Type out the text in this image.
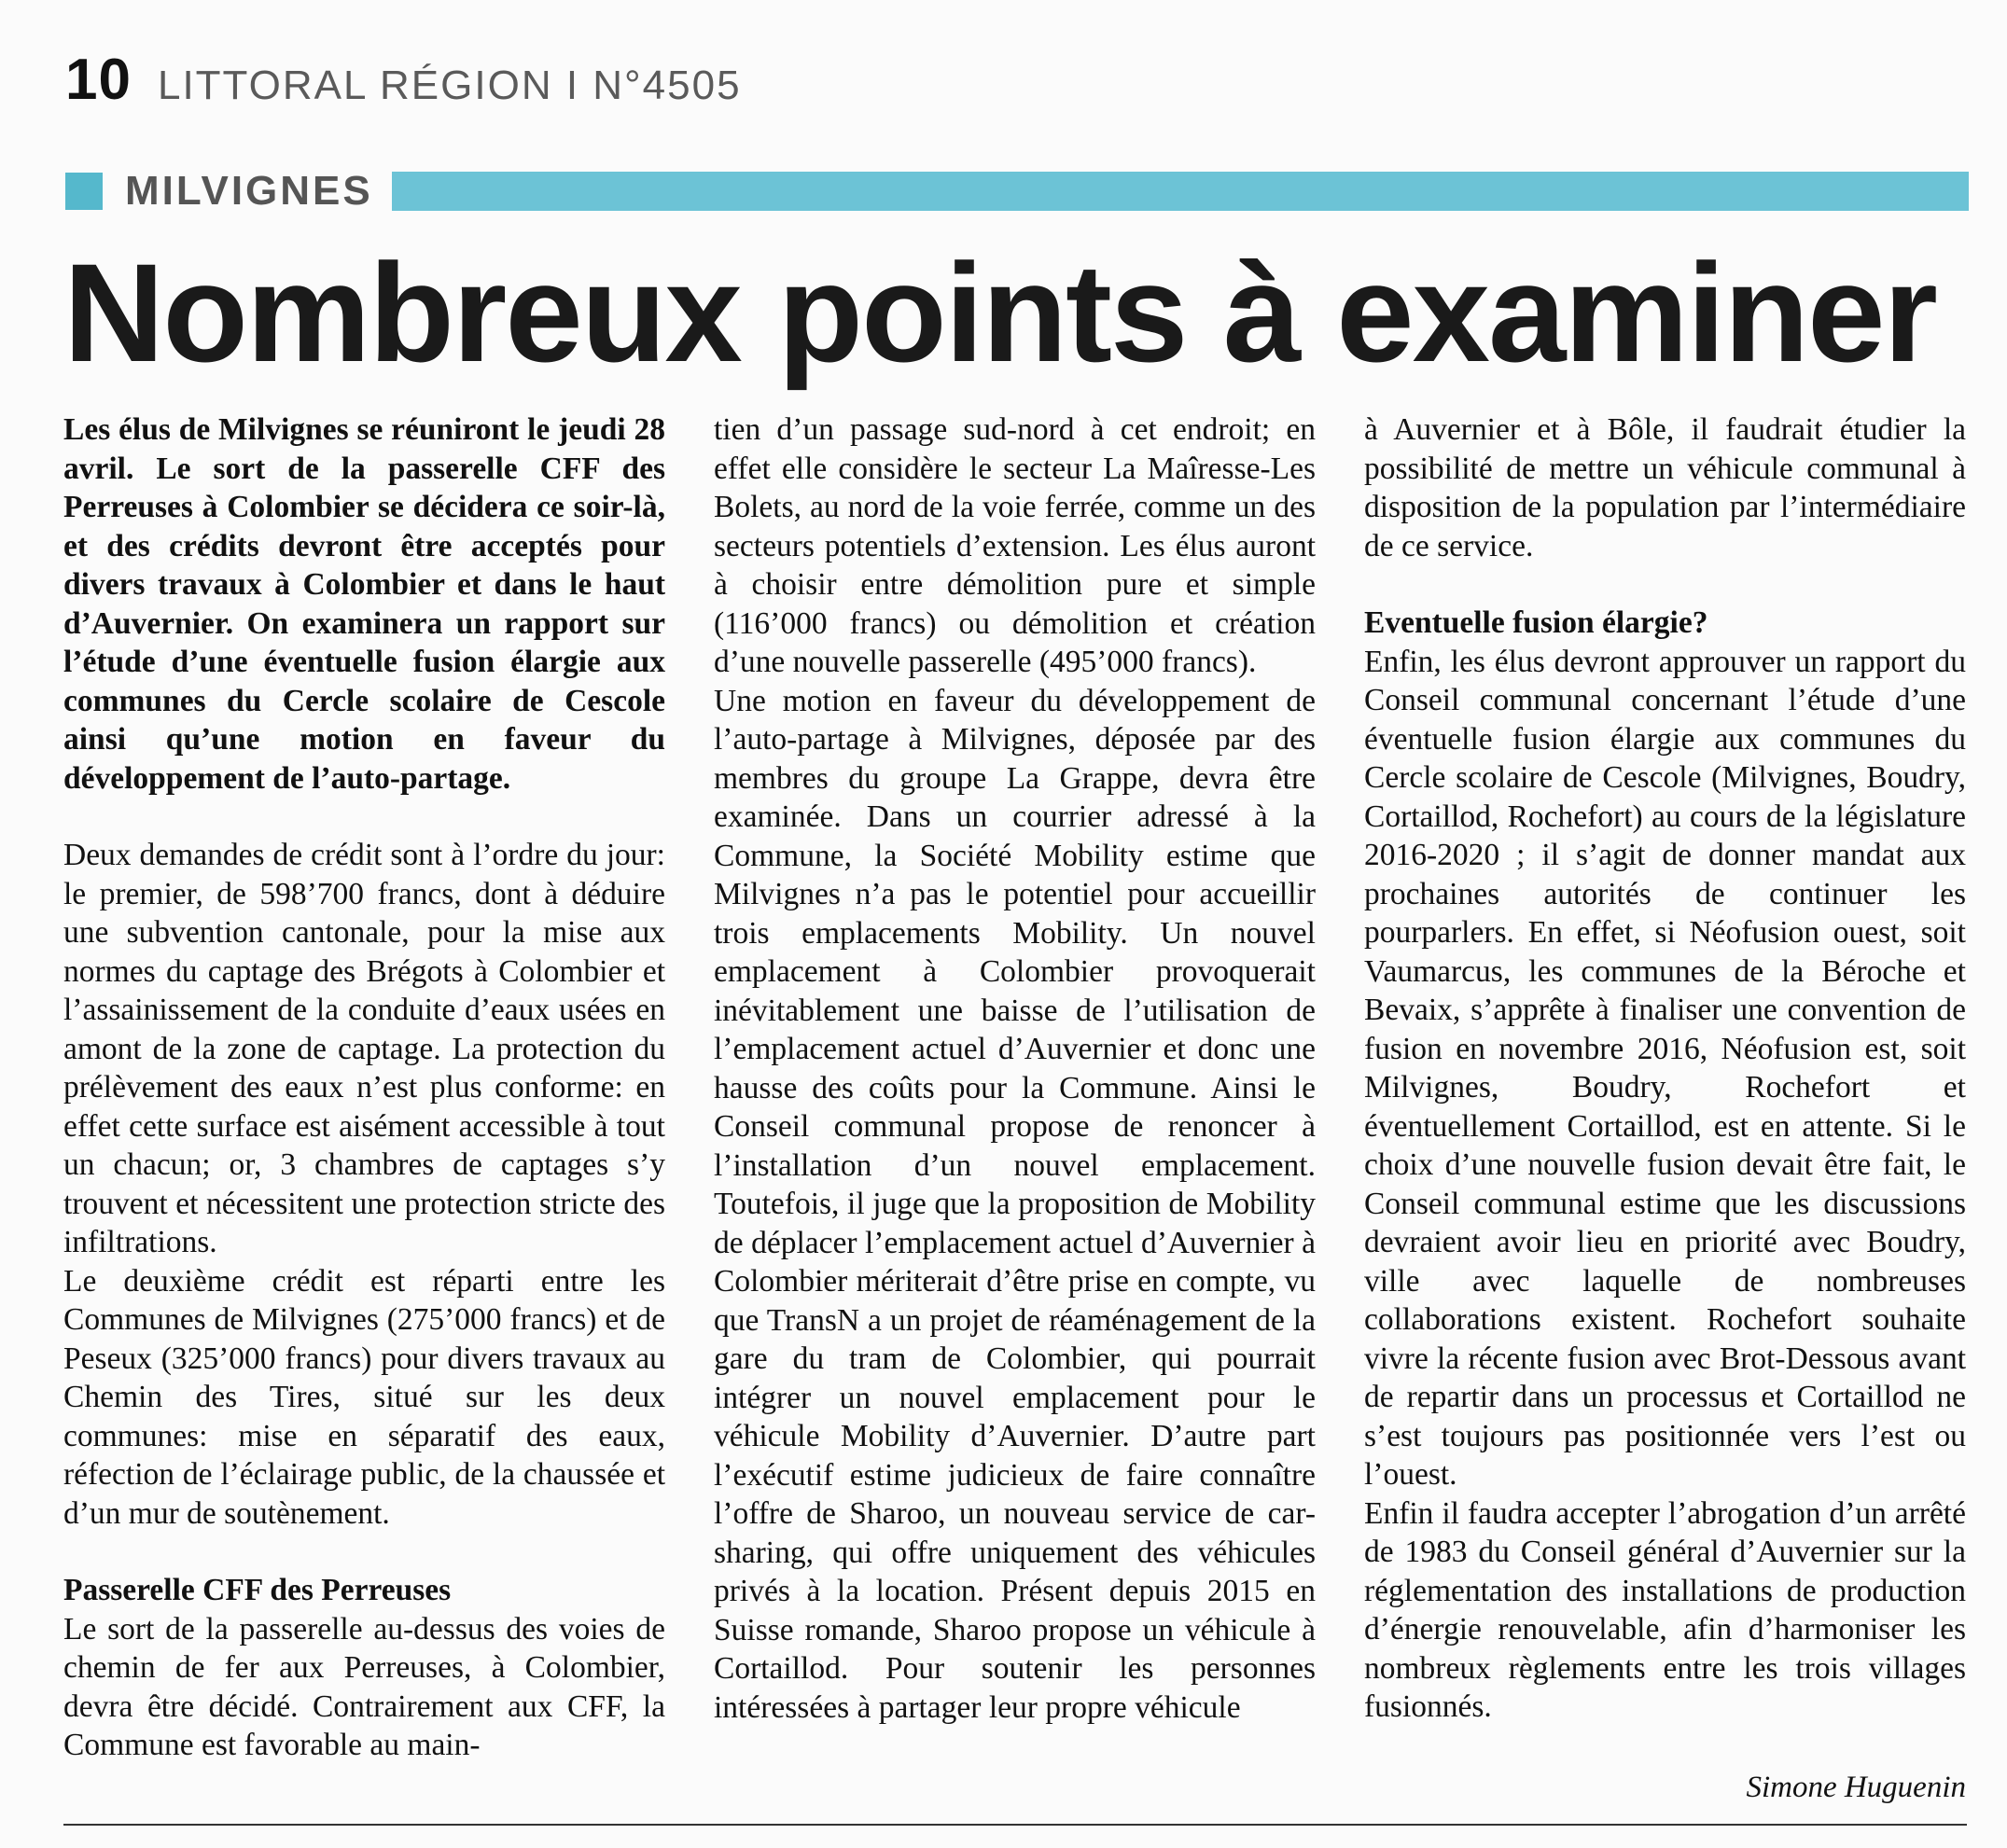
10 LITTORAL RÉGION I N°4505
MILVIGNES
Nombreux points à examiner

Les élus de Milvignes se réuniront le jeudi 28 avril. Le sort de la passerelle CFF des Perreuses à Colombier se décidera ce soir-là, et des crédits devront être acceptés pour divers travaux à Colombier et dans le haut d’Auvernier. On examinera un rapport sur l’étude d’une éventuelle fusion élargie aux communes du Cercle scolaire de Cescole ainsi qu’une motion en faveur du développement de l’auto-partage.

Deux demandes de crédit sont à l’ordre du jour: le premier, de 598’700 francs, dont à déduire une subvention cantonale, pour la mise aux normes du captage des Brégots à Colombier et l’assainissement de la conduite d’eaux usées en amont de la zone de captage. La protection du prélèvement des eaux n’est plus conforme: en effet cette surface est aisément accessible à tout un chacun; or, 3 chambres de captages s’y trouvent et nécessitent une protection stricte des infiltrations.

Le deuxième crédit est réparti entre les Communes de Milvignes (275’000 francs) et de Peseux (325’000 francs) pour divers travaux au Chemin des Tires, situé sur les deux communes: mise en séparatif des eaux, réfection de l’éclairage public, de la chaussée et d’un mur de soutènement.

Passerelle CFF des Perreuses

Le sort de la passerelle au-dessus des voies de chemin de fer aux Perreuses, à Colombier, devra être décidé. Contrairement aux CFF, la Commune est favorable au main-

tien d’un passage sud-nord à cet endroit; en effet elle considère le secteur La Maîresse-Les Bolets, au nord de la voie ferrée, comme un des secteurs potentiels d’extension. Les élus auront à choisir entre démolition pure et simple (116’000 francs) ou démolition et création d’une nouvelle passerelle (495’000 francs).

Une motion en faveur du développement de l’auto-partage à Milvignes, déposée par des membres du groupe La Grappe, devra être examinée. Dans un courrier adressé à la Commune, la Société Mobility estime que Milvignes n’a pas le potentiel pour accueillir trois emplacements Mobility. Un nouvel emplacement à Colombier provoquerait inévitablement une baisse de l’utilisation de l’emplacement actuel d’Auvernier et donc une hausse des coûts pour la Commune. Ainsi le Conseil communal propose de renoncer à l’installation d’un nouvel emplacement. Toutefois, il juge que la proposition de Mobility de déplacer l’emplacement actuel d’Auvernier à Colombier mériterait d’être prise en compte, vu que TransN a un projet de réaménagement de la gare du tram de Colombier, qui pourrait intégrer un nouvel emplacement pour le véhicule Mobility d’Auvernier. D’autre part l’exécutif estime judicieux de faire connaître l’offre de Sharoo, un nouveau service de car-sharing, qui offre uniquement des véhicules privés à la location. Présent depuis 2015 en Suisse romande, Sharoo propose un véhicule à Cortaillod. Pour soutenir les personnes intéressées à partager leur propre véhicule

à Auvernier et à Bôle, il faudrait étudier la possibilité de mettre un véhicule communal à disposition de la population par l’intermédiaire de ce service.

Eventuelle fusion élargie?

Enfin, les élus devront approuver un rapport du Conseil communal concernant l’étude d’une éventuelle fusion élargie aux communes du Cercle scolaire de Cescole (Milvignes, Boudry, Cortaillod, Rochefort) au cours de la législature 2016-2020 ; il s’agit de donner mandat aux prochaines autorités de continuer les pourparlers. En effet, si Néofusion ouest, soit Vaumarcus, les communes de la Béroche et Bevaix, s’apprête à finaliser une convention de fusion en novembre 2016, Néofusion est, soit Milvignes, Boudry, Rochefort et éventuellement Cortaillod, est en attente. Si le choix d’une nouvelle fusion devait être fait, le Conseil communal estime que les discussions devraient avoir lieu en priorité avec Boudry, ville avec laquelle de nombreuses collaborations existent. Rochefort souhaite vivre la récente fusion avec Brot-Dessous avant de repartir dans un processus et Cortaillod ne s’est toujours pas positionnée vers l’est ou l’ouest.

Enfin il faudra accepter l’abrogation d’un arrêté de 1983 du Conseil général d’Auvernier sur la réglementation des installations de production d’énergie renouvelable, afin d’harmoniser les nombreux règlements entre les trois villages fusionnés.

Simone Huguenin
